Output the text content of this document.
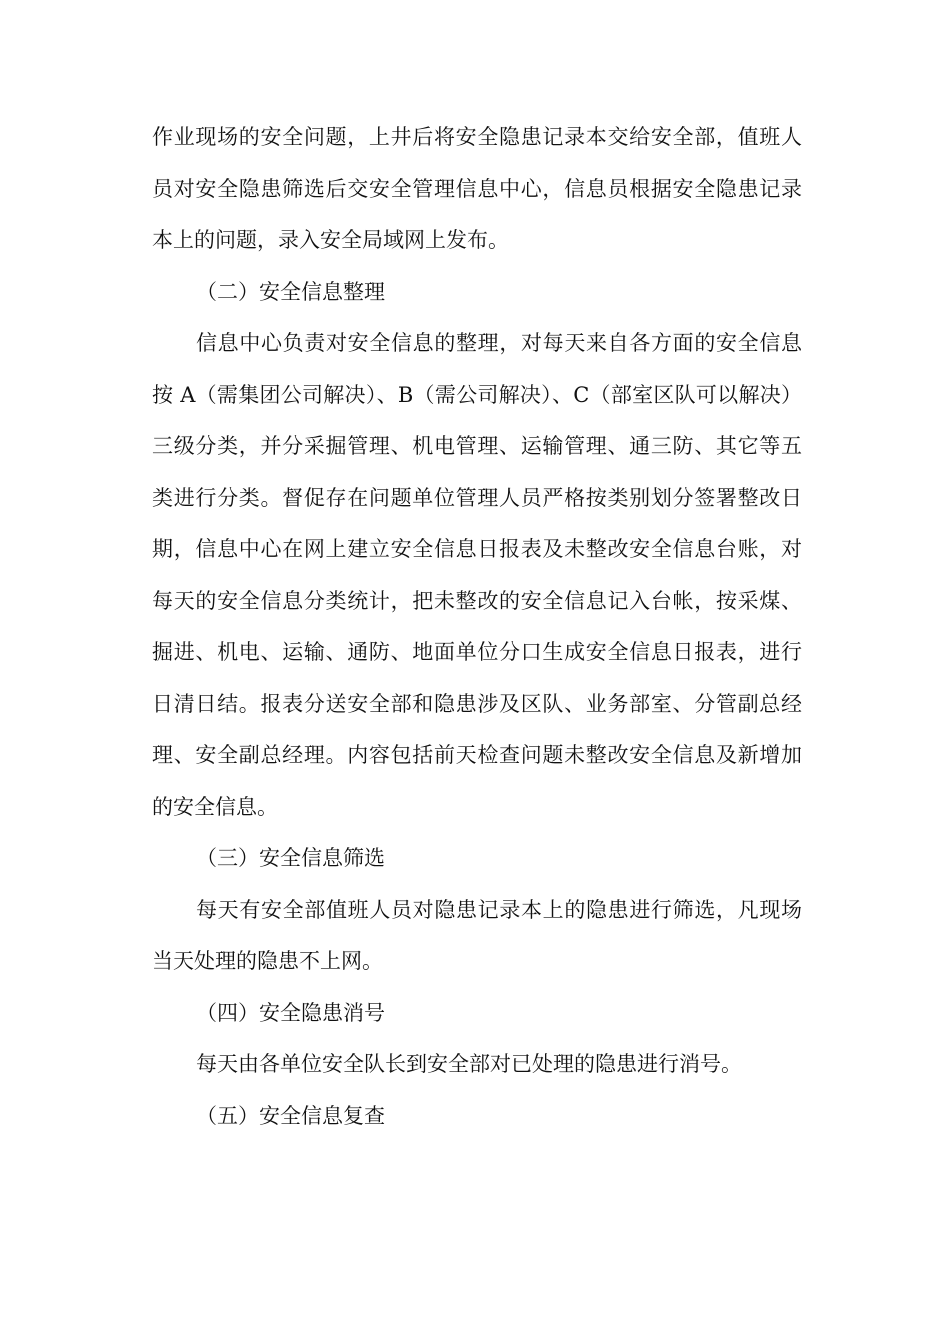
作业现场的安全问题，上井后将安全隐患记录本交给安全部，值班人员对安全隐患筛选后交安全管理信息中心，信息员根据安全隐患记录本上的问题，录入安全局域网上发布。

（二）安全信息整理

信息中心负责对安全信息的整理，对每天来自各方面的安全信息按 A（需集团公司解决）、B（需公司解决）、C（部室区队可以解决）三级分类，并分采掘管理、机电管理、运输管理、通三防、其它等五类进行分类。督促存在问题单位管理人员严格按类别划分签署整改日期，信息中心在网上建立安全信息日报表及未整改安全信息台账，对每天的安全信息分类统计，把未整改的安全信息记入台帐，按采煤、掘进、机电、运输、通防、地面单位分口生成安全信息日报表，进行日清日结。报表分送安全部和隐患涉及区队、业务部室、分管副总经理、安全副总经理。内容包括前天检查问题未整改安全信息及新增加的安全信息。

（三）安全信息筛选

每天有安全部值班人员对隐患记录本上的隐患进行筛选，凡现场当天处理的隐患不上网。

（四）安全隐患消号

每天由各单位安全队长到安全部对已处理的隐患进行消号。

（五）安全信息复查
